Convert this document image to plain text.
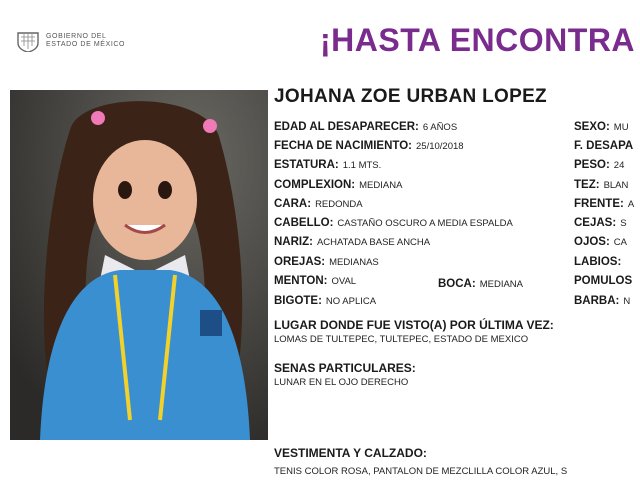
GOBIERNO DEL
ESTADO DE MÉXICO	¡HASTA ENCONTRA
JOHANA ZOE URBAN LOPEZ
EDAD AL DESAPARECER: 6 AÑOS
FECHA DE NACIMIENTO: 25/10/2018
ESTATURA: 1.1 MTS.
COMPLEXION: MEDIANA
CARA: REDONDA
CABELLO: CASTAÑO OSCURO A MEDIA ESPALDA
NARIZ: ACHATADA BASE ANCHA
OREJAS: MEDIANAS
MENTON: OVAL	BOCA: MEDIANA
BIGOTE: NO APLICA
SEXO: MU
F. DESAPA
PESO: 24
TEZ: BLAN
FRENTE: A
CEJAS: S
OJOS: CA
LABIOS:
POMULOS
BARBA: N
LUGAR DONDE FUE VISTO(A) POR ÚLTIMA VEZ:
LOMAS DE TULTEPEC, TULTEPEC, ESTADO DE MEXICO
SENAS PARTICULARES:
LUNAR EN EL OJO DERECHO
VESTIMENTA Y CALZADO:
TENIS COLOR ROSA, PANTALON DE MEZCLILLA COLOR AZUL, S
